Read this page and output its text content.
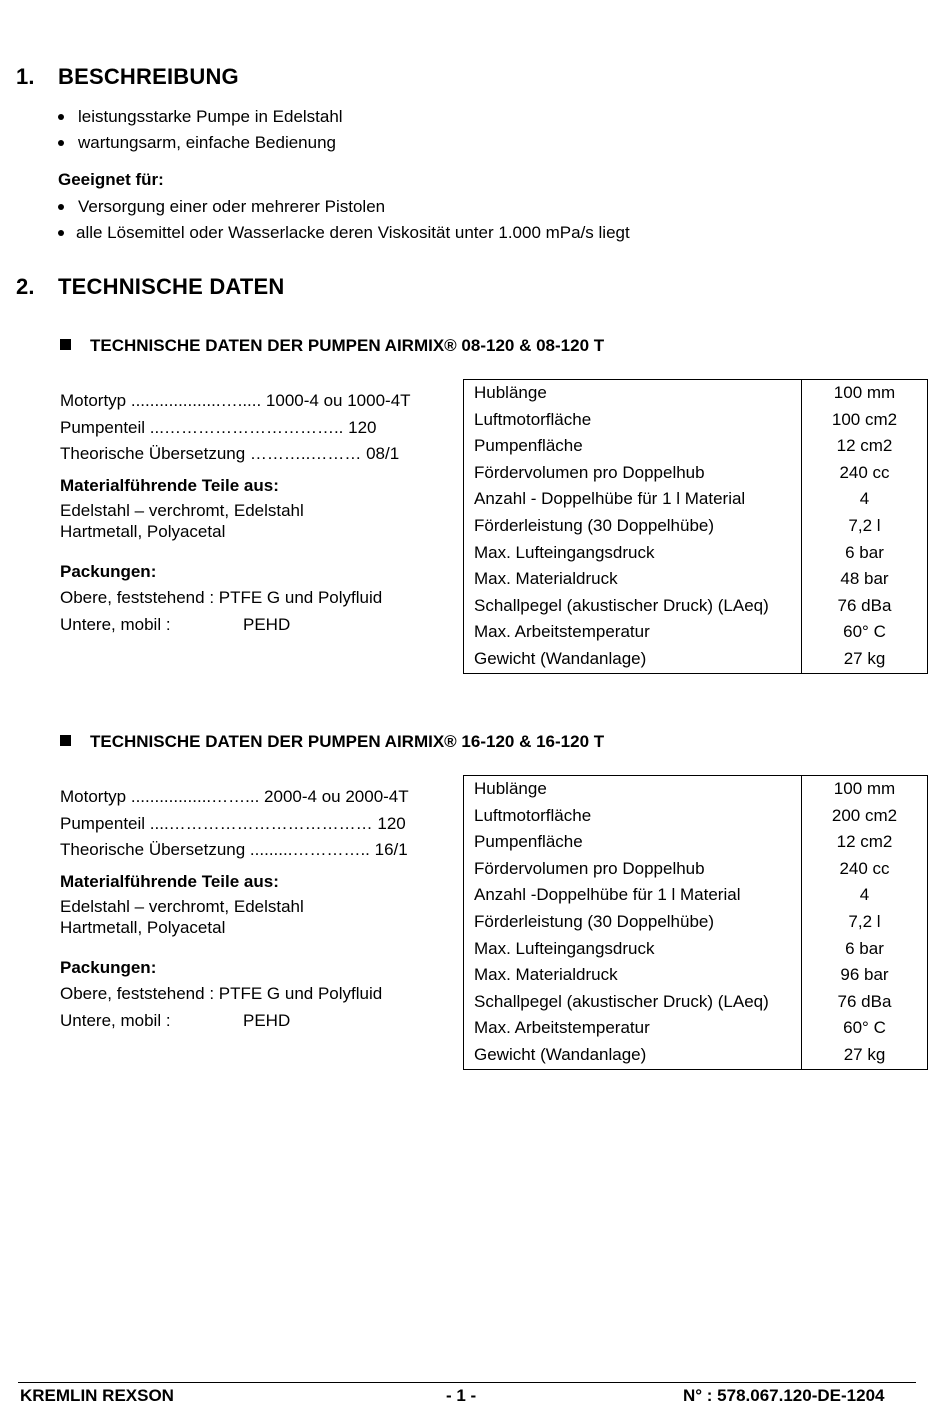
1. BESCHREIBUNG
leistungsstarke Pumpe in Edelstahl
wartungsarm, einfache Bedienung
Geeignet für:
Versorgung einer oder mehrerer Pistolen
alle Lösemittel oder Wasserlacke deren Viskosität unter 1.000 mPa/s liegt
2. TECHNISCHE DATEN
TECHNISCHE DATEN DER PUMPEN AIRMIX® 08-120 & 08-120 T
Motortyp ...................…..... 1000-4 ou 1000-4T
Pumpenteil ...………………………….. 120
Theorische Übersetzung ………..……… 08/1
Materialführende Teile aus:
Edelstahl – verchromt, Edelstahl
Hartmetall, Polyacetal
Packungen:
Obere, feststehend : PTFE G und Polyfluid
Untere, mobil :	PEHD
Hublänge	100 mm
Luftmotorfläche	100 cm2
Pumpenfläche	12 cm2
Fördervolumen pro Doppelhub	240 cc
Anzahl - Doppelhübe für 1 l Material	4
Förderleistung (30 Doppelhübe)	7,2 l
Max. Lufteingangsdruck	6 bar
Max. Materialdruck	48 bar
Schallpegel (akustischer Druck) (LAeq)	76 dBa
Max. Arbeitstemperatur	60° C
Gewicht (Wandanlage)	27 kg
TECHNISCHE DATEN DER PUMPEN AIRMIX® 16-120 & 16-120 T
Motortyp .................……... 2000-4 ou 2000-4T
Pumpenteil ....……………………………… 120
Theorische Übersetzung .........………….. 16/1
Materialführende Teile aus:
Edelstahl – verchromt, Edelstahl
Hartmetall, Polyacetal
Packungen:
Obere, feststehend : PTFE G und Polyfluid
Untere, mobil :	PEHD
Hublänge	100 mm
Luftmotorfläche	200 cm2
Pumpenfläche	12 cm2
Fördervolumen pro Doppelhub	240 cc
Anzahl -Doppelhübe für 1 l Material	4
Förderleistung (30 Doppelhübe)	7,2 l
Max. Lufteingangsdruck	6 bar
Max. Materialdruck	96 bar
Schallpegel (akustischer Druck) (LAeq)	76 dBa
Max. Arbeitstemperatur	60° C
Gewicht (Wandanlage)	27 kg
KREMLIN REXSON	- 1 -	N° : 578.067.120-DE-1204
